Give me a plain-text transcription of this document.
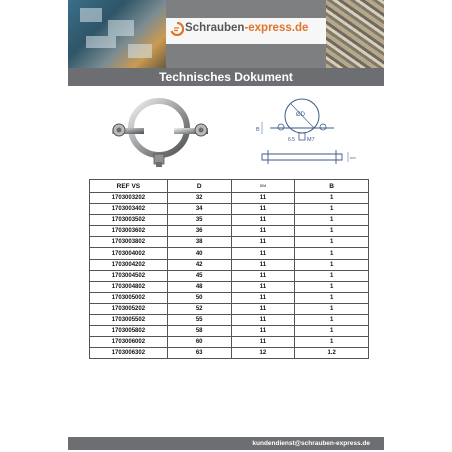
Schrauben-express.de
Technisches Dokument
ØD
B
M7
6.5
DIM
REF VS	D	DIM	B
1703003202	32	11	1
1703003402	34	11	1
1703003502	35	11	1
1703003602	36	11	1
1703003802	38	11	1
1703004002	40	11	1
1703004202	42	11	1
1703004502	45	11	1
1703004802	48	11	1
1703005002	50	11	1
1703005202	52	11	1
1703005502	55	11	1
1703005802	58	11	1
1703006002	60	11	1
1703006302	63	12	1.2
kundendienst@schrauben-express.de
